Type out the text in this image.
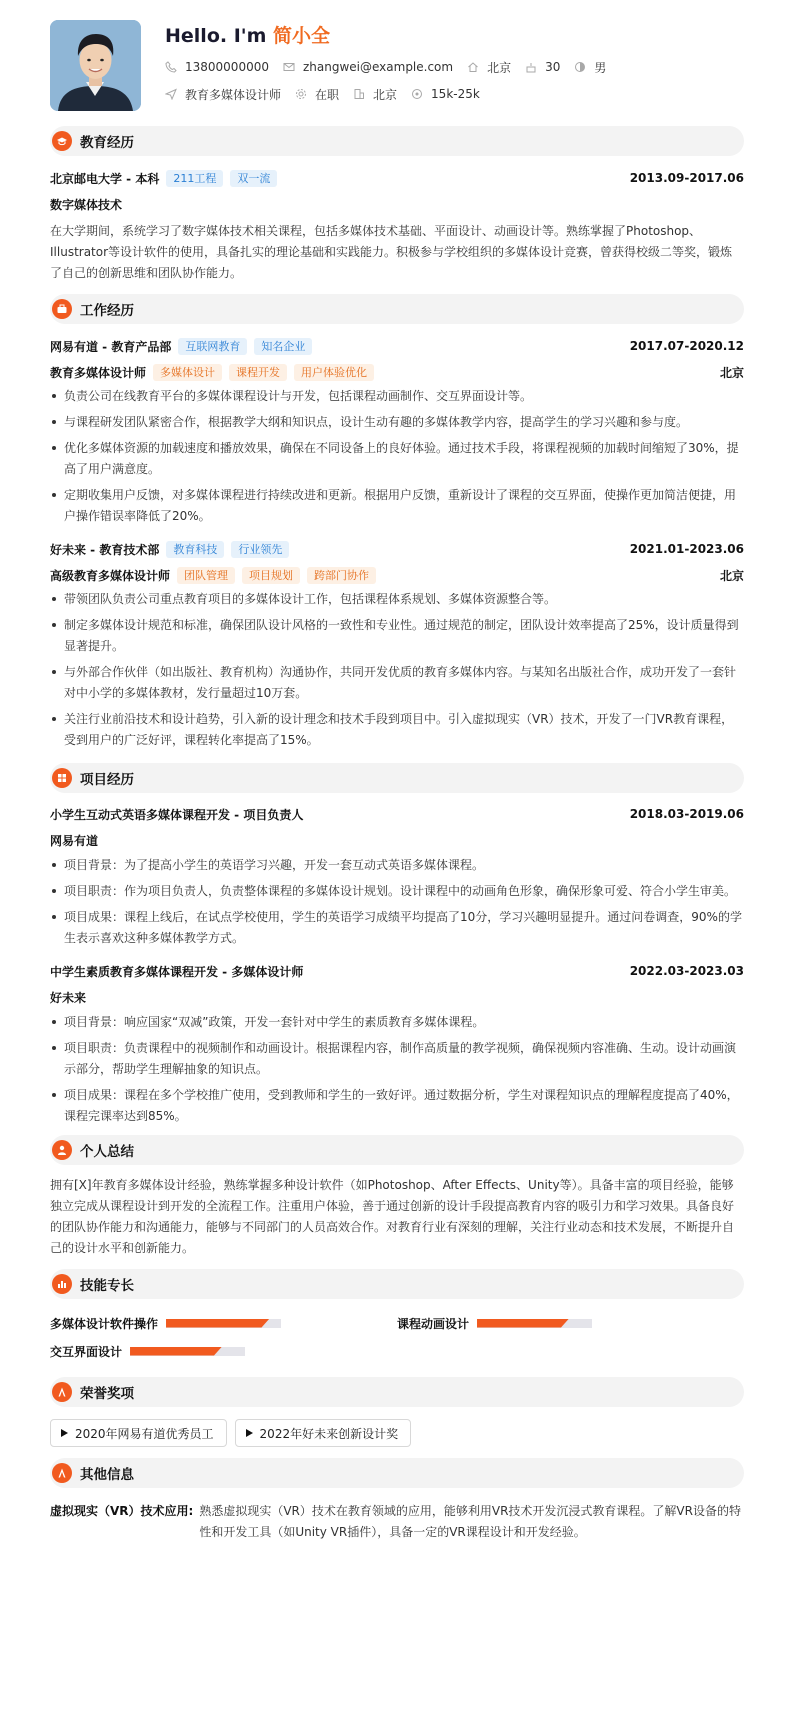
Hello. I'm 简小全
13800000000	zhangwei@example.com	北京	30	男
教育多媒体设计师	在职	北京	15k-25k
教育经历
北京邮电大学 - 本科	211工程	双一流	2013.09-2017.06
数字媒体技术
在大学期间，系统学习了数字媒体技术相关课程，包括多媒体技术基础、平面设计、动画设计等。熟练掌握了Photoshop、Illustrator等设计软件的使用，具备扎实的理论基础和实践能力。积极参与学校组织的多媒体设计竞赛，曾获得校级二等奖，锻炼了自己的创新思维和团队协作能力。
工作经历
网易有道 - 教育产品部	互联网教育	知名企业	2017.07-2020.12
教育多媒体设计师	多媒体设计	课程开发	用户体验优化	北京
负责公司在线教育平台的多媒体课程设计与开发，包括课程动画制作、交互界面设计等。
与课程研发团队紧密合作，根据教学大纲和知识点，设计生动有趣的多媒体教学内容，提高学生的学习兴趣和参与度。
优化多媒体资源的加载速度和播放效果，确保在不同设备上的良好体验。通过技术手段，将课程视频的加载时间缩短了30%，提高了用户满意度。
定期收集用户反馈，对多媒体课程进行持续改进和更新。根据用户反馈，重新设计了课程的交互界面，使操作更加简洁便捷，用户操作错误率降低了20%。
好未来 - 教育技术部	教育科技	行业领先	2021.01-2023.06
高级教育多媒体设计师	团队管理	项目规划	跨部门协作	北京
带领团队负责公司重点教育项目的多媒体设计工作，包括课程体系规划、多媒体资源整合等。
制定多媒体设计规范和标准，确保团队设计风格的一致性和专业性。通过规范的制定，团队设计效率提高了25%，设计质量得到显著提升。
与外部合作伙伴（如出版社、教育机构）沟通协作，共同开发优质的教育多媒体内容。与某知名出版社合作，成功开发了一套针对中小学的多媒体教材，发行量超过10万套。
关注行业前沿技术和设计趋势，引入新的设计理念和技术手段到项目中。引入虚拟现实（VR）技术，开发了一门VR教育课程，受到用户的广泛好评，课程转化率提高了15%。
项目经历
小学生互动式英语多媒体课程开发 - 项目负责人	2018.03-2019.06
网易有道
项目背景：为了提高小学生的英语学习兴趣，开发一套互动式英语多媒体课程。
项目职责：作为项目负责人，负责整体课程的多媒体设计规划。设计课程中的动画角色形象，确保形象可爱、符合小学生审美。
项目成果：课程上线后，在试点学校使用，学生的英语学习成绩平均提高了10分，学习兴趣明显提升。通过问卷调查，90%的学生表示喜欢这种多媒体教学方式。
中学生素质教育多媒体课程开发 - 多媒体设计师	2022.03-2023.03
好未来
项目背景：响应国家“双减”政策，开发一套针对中学生的素质教育多媒体课程。
项目职责：负责课程中的视频制作和动画设计。根据课程内容，制作高质量的教学视频，确保视频内容准确、生动。设计动画演示部分，帮助学生理解抽象的知识点。
项目成果：课程在多个学校推广使用，受到教师和学生的一致好评。通过数据分析，学生对课程知识点的理解程度提高了40%，课程完课率达到85%。
个人总结
拥有[X]年教育多媒体设计经验，熟练掌握多种设计软件（如Photoshop、After Effects、Unity等）。具备丰富的项目经验，能够独立完成从课程设计到开发的全流程工作。注重用户体验，善于通过创新的设计手段提高教育内容的吸引力和学习效果。具备良好的团队协作能力和沟通能力，能够与不同部门的人员高效合作。对教育行业有深刻的理解，关注行业动态和技术发展，不断提升自己的设计水平和创新能力。
技能专长
多媒体设计软件操作	课程动画设计
交互界面设计
荣誉奖项
2020年网易有道优秀员工	2022年好未来创新设计奖
其他信息
虚拟现实（VR）技术应用: 熟悉虚拟现实（VR）技术在教育领域的应用，能够利用VR技术开发沉浸式教育课程。了解VR设备的特性和开发工具（如Unity VR插件），具备一定的VR课程设计和开发经验。
